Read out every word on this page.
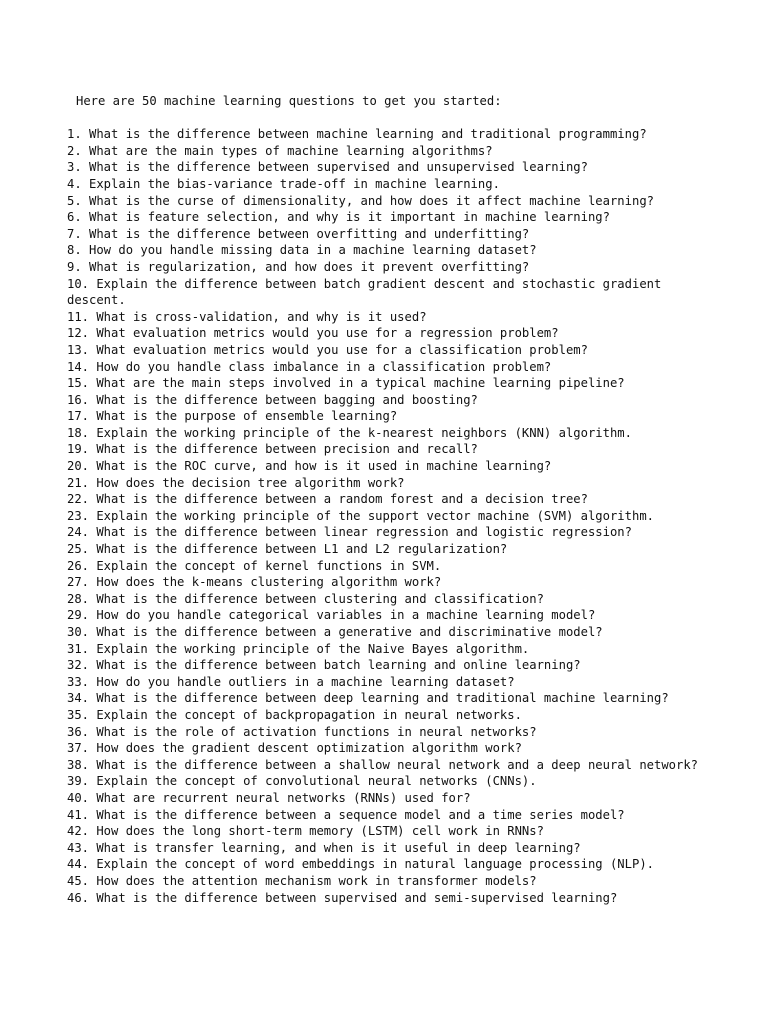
Here are 50 machine learning questions to get you started:

1. What is the difference between machine learning and traditional programming?

2. What are the main types of machine learning algorithms?

3. What is the difference between supervised and unsupervised learning?

4. Explain the bias-variance trade-off in machine learning.

5. What is the curse of dimensionality, and how does it affect machine learning?

6. What is feature selection, and why is it important in machine learning?

7. What is the difference between overfitting and underfitting?

8. How do you handle missing data in a machine learning dataset?

9. What is regularization, and how does it prevent overfitting?

10. Explain the difference between batch gradient descent and stochastic gradient descent.

11. What is cross-validation, and why is it used?

12. What evaluation metrics would you use for a regression problem?

13. What evaluation metrics would you use for a classification problem?

14. How do you handle class imbalance in a classification problem?

15. What are the main steps involved in a typical machine learning pipeline?

16. What is the difference between bagging and boosting?

17. What is the purpose of ensemble learning?

18. Explain the working principle of the k-nearest neighbors (KNN) algorithm.

19. What is the difference between precision and recall?

20. What is the ROC curve, and how is it used in machine learning?

21. How does the decision tree algorithm work?

22. What is the difference between a random forest and a decision tree?

23. Explain the working principle of the support vector machine (SVM) algorithm.

24. What is the difference between linear regression and logistic regression?

25. What is the difference between L1 and L2 regularization?

26. Explain the concept of kernel functions in SVM.

27. How does the k-means clustering algorithm work?

28. What is the difference between clustering and classification?

29. How do you handle categorical variables in a machine learning model?

30. What is the difference between a generative and discriminative model?

31. Explain the working principle of the Naive Bayes algorithm.

32. What is the difference between batch learning and online learning?

33. How do you handle outliers in a machine learning dataset?

34. What is the difference between deep learning and traditional machine learning?

35. Explain the concept of backpropagation in neural networks.

36. What is the role of activation functions in neural networks?

37. How does the gradient descent optimization algorithm work?

38. What is the difference between a shallow neural network and a deep neural network?

39. Explain the concept of convolutional neural networks (CNNs).

40. What are recurrent neural networks (RNNs) used for?

41. What is the difference between a sequence model and a time series model?

42. How does the long short-term memory (LSTM) cell work in RNNs?

43. What is transfer learning, and when is it useful in deep learning?

44. Explain the concept of word embeddings in natural language processing (NLP).

45. How does the attention mechanism work in transformer models?

46. What is the difference between supervised and semi-supervised learning?
